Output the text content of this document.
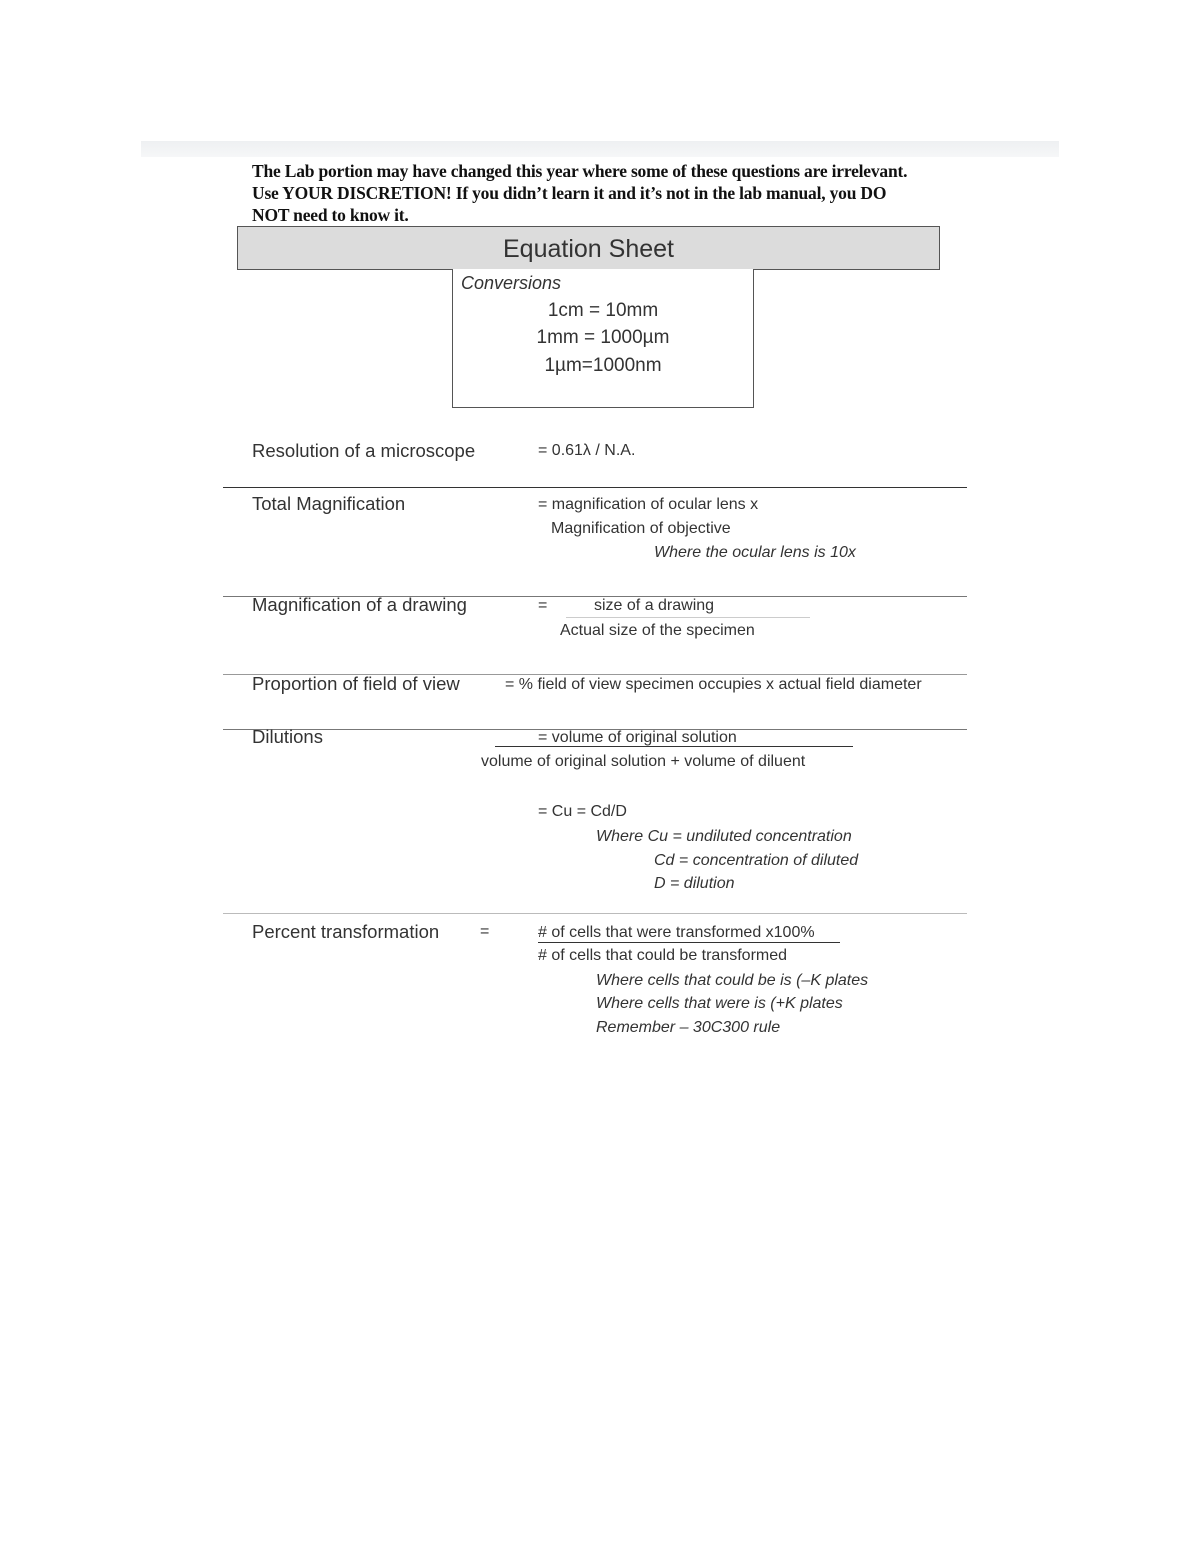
The Lab portion may have changed this year where some of these questions are irrelevant.
Use YOUR DISCRETION! If you didn’t learn it and it’s not in the lab manual, you DO
NOT need to know it.
Equation Sheet
Conversions
1cm = 10mm
1mm = 1000µm
1µm=1000nm
Resolution of a microscope	= 0.61λ / N.A.
Total Magnification	= magnification of ocular lens x
Magnification of objective
Where the ocular lens is 10x
Magnification of a drawing	=	size of a drawing
Actual size of the specimen
Proportion of field of view	= % field of view specimen occupies x actual field diameter
Dilutions	= volume of original solution
volume of original solution + volume of diluent
= Cu = Cd/D
Where Cu = undiluted concentration
Cd = concentration of diluted
D = dilution
Percent transformation	=	# of cells that were transformed x100%
# of cells that could be transformed
Where cells that could be is (–K plates
Where cells that were is (+K plates
Remember – 30C300 rule
